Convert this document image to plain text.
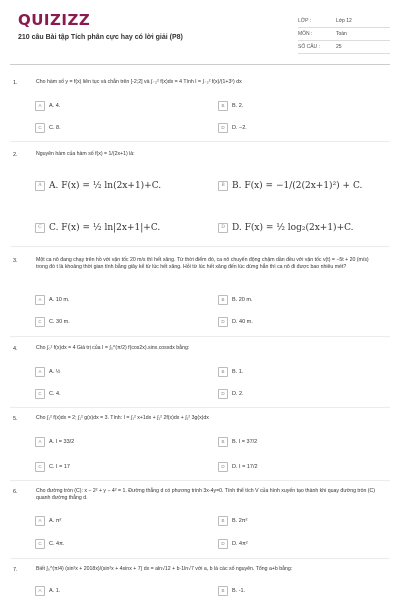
QUIZIZZ
210 câu Bài tập Tích phân cực hay có lời giải (P8)
LỚP :	Lớp 12
MÔN :	Toán
SỐ CÂU :	25
1.	Cho hàm số y = f(x) liên tục và chẵn trên [-2;2] và ∫₋₂² f(x)dx = 4 Tính I = ∫₋₂² f(x)/(1+3ˣ) dx
A	A. 4.	B	B. 2.
C	C. 8.	D	D. −2.
2.	Nguyên hàm của hàm số f(x) = 1/(2x+1) là:
A A. F(x) = ½ ln(2x+1)+C.	B B. F(x) = −1/(2(2x+1)²) + C.
C C. F(x) = ½ ln|2x+1|+C.	D D. F(x) = ½ log₂(2x+1)+C.
3.	Một ca nô đang chạy trên hồ với vận tốc 20 m/s thì hết xăng. Từ thời điểm đó, ca nô chuyển động chậm dần đều với vận tốc v(t) = −5t + 20 (m/s) trong đó t là khoảng thời gian tính bằng giây kể từ lúc hết xăng. Hỏi từ lúc hết xăng đến lúc dừng hẳn thì ca nô đi được bao nhiêu mét?
A	A. 10 m.	B	B. 20 m.
C	C. 30 m.	D	D. 40 m.
4.	Cho ∫₀¹ f(x)dx = 4 Giá trị của I = ∫₀^(π/2) f(cos2x).sinx.cosxdx bằng:
A	A. ½	B	B. 1.
C	C. 4.	D	D. 2.
5.	Cho ∫₁² f(x)dx = 2; ∫₁² g(x)dx = 3. Tính: I = ∫₁² x+1dx + ∫₁² 2f(x)dx + ∫₁² 3g(x)dx
A	A. I = 33/2	B	B. I = 37/2
C	C. I = 17	D	D. I = 17/2
6.	Cho đường tròn (C): x − 2² + y − 4² = 1. Đường thẳng d có phương trình 3x-4y=0. Tính thể tích V của hình xuyến tạo thành khi quay đường tròn (C) quanh đường thẳng d.
A	A. π²	B	B. 2π²
C	C. 4π.	D	D. 4π²
7.	Biết ∫₀^(π/4) (sin²x + 2018x)/(sin²x + 4sinx + 7) dx = aln√12 + b·1ln√7 với a, b là các số nguyên. Tổng a+b bằng:
A	A. 1.	B	B. -1.
